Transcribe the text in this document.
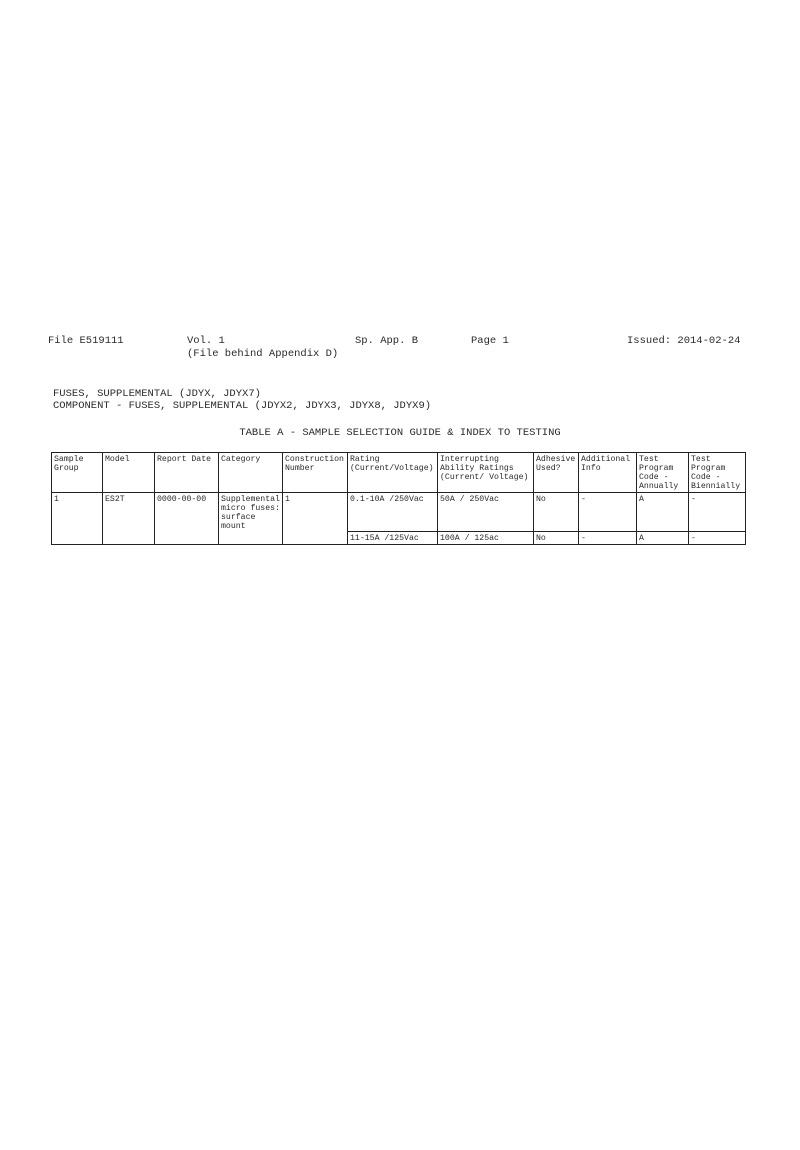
File E519111	Vol. 1
(File behind Appendix D)
Sp. App. B	Page 1	Issued: 2014-02-24
FUSES, SUPPLEMENTAL (JDYX, JDYX7)
COMPONENT - FUSES, SUPPLEMENTAL (JDYX2, JDYX3, JDYX8, JDYX9)
TABLE A - SAMPLE SELECTION GUIDE & INDEX TO TESTING
Sample Group	Model	Report Date	Category	Construction Number	Rating (Current/Voltage)	Interrupting Ability Ratings (Current/ Voltage)	Adhesive Used?	Additional Info	Test Program Code - Annually	Test Program Code - Biennially
1	ES2T	0000-00-00	Supplemental micro fuses: surface mount	1	0.1-10A /250Vac	50A / 250Vac	No	-	A	-
					11-15A /125Vac	100A / 125ac	No	-	A	-
